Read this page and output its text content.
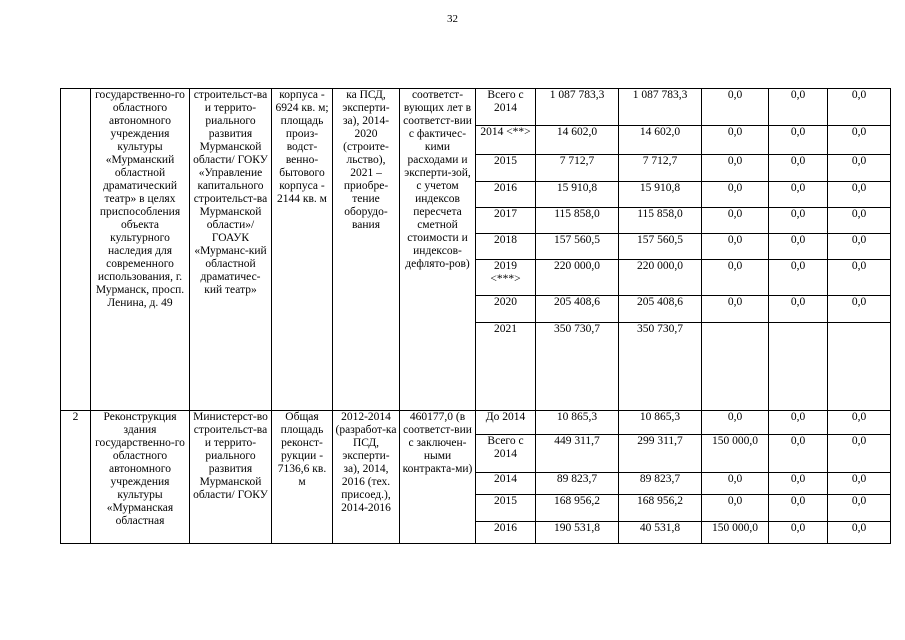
32
	государственно-го областного автономного учреждения культуры «Мурманский областной драматический театр» в целях приспособления объекта культурного наследия для современного использования, г. Мурманск, просп. Ленина, д. 49	строительст-ва и террито-риального развития Мурманской области/ ГОКУ «Управление капитального строительст-ва Мурманской области»/ ГОАУК «Мурманс-кий областной драматичес-кий театр»	корпуса - 6924 кв. м; площадь произ-водст-венно-бытового корпуса - 2144 кв. м	ка ПСД, эксперти-за), 2014-2020 (строите-льство), 2021 – приобре-тение оборудо-вания	соответст-вующих лет в соответст-вии с фактичес-кими расходами и эксперти-зой, с учетом индексов пересчета сметной стоимости и индексов-дефлято-ров)	Всего с 2014	1 087 783,3	1 087 783,3	0,0	0,0	0,0
						2014 <**>	14 602,0	14 602,0	0,0	0,0	0,0
						2015	7 712,7	7 712,7	0,0	0,0	0,0
						2016	15 910,8	15 910,8	0,0	0,0	0,0
						2017	115 858,0	115 858,0	0,0	0,0	0,0
						2018	157 560,5	157 560,5	0,0	0,0	0,0
						2019 <***>	220 000,0	220 000,0	0,0	0,0	0,0
						2020	205 408,6	205 408,6	0,0	0,0	0,0
						2021	350 730,7	350 730,7			
2	Реконструкция здания государственно-го областного автономного учреждения культуры «Мурманская областная	Министерст-во строительст-ва и террито-риального развития Мурманской области/ ГОКУ	Общая площадь реконст-рукции - 7136,6 кв. м	2012-2014 (разработ-ка ПСД, эксперти-за), 2014, 2016 (тех. присоед.), 2014-2016	460177,0 (в соответст-вии с заключен-ными контракта-ми)	До 2014	10 865,3	10 865,3	0,0	0,0	0,0
						Всего с 2014	449 311,7	299 311,7	150 000,0	0,0	0,0
						2014	89 823,7	89 823,7	0,0	0,0	0,0
						2015	168 956,2	168 956,2	0,0	0,0	0,0
						2016	190 531,8	40 531,8	150 000,0	0,0	0,0
